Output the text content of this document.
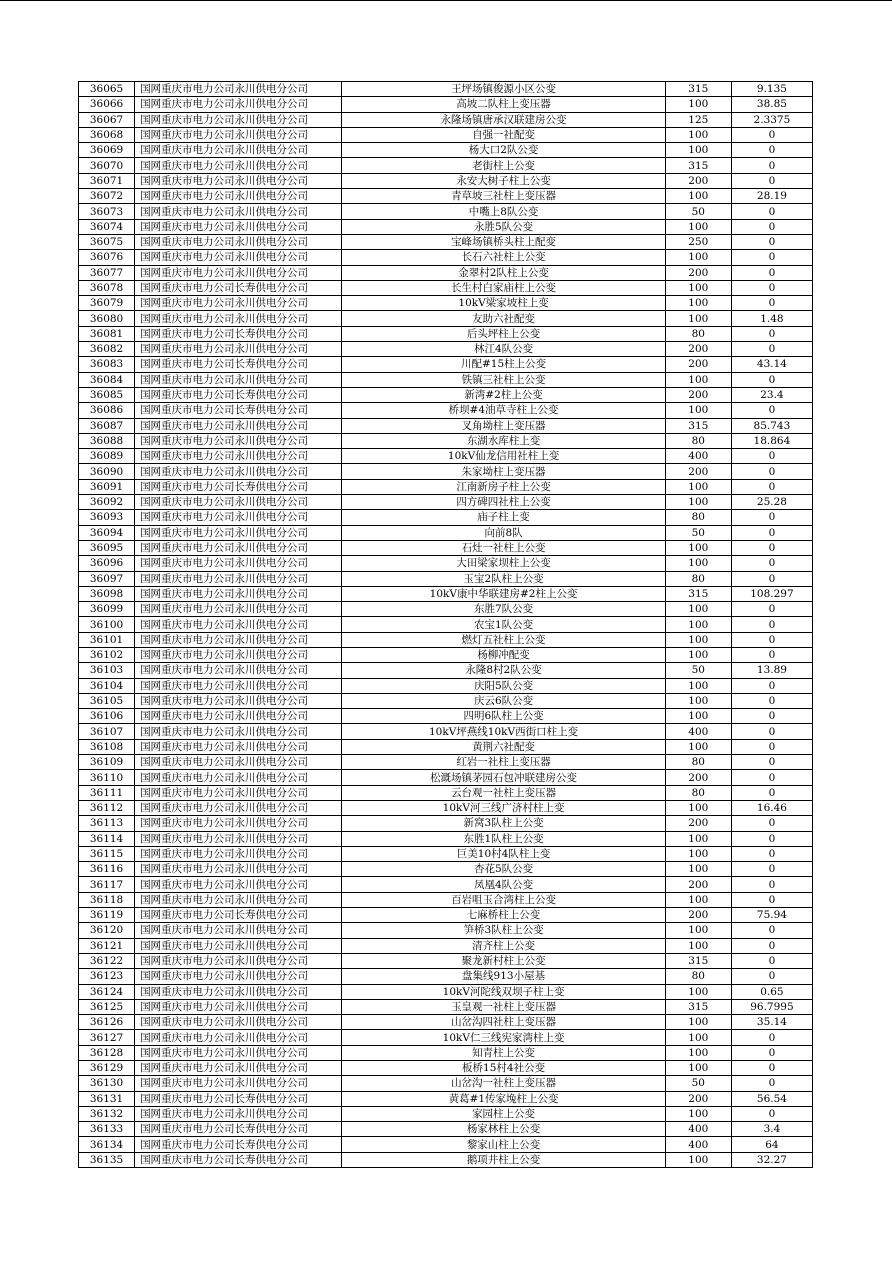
36065	国网重庆市电力公司永川供电分公司	王坪场镇俊源小区公变	315	9.135
36066	国网重庆市电力公司永川供电分公司	高坡二队柱上变压器	100	38.85
36067	国网重庆市电力公司永川供电分公司	永隆场镇唐承汉联建房公变	125	2.3375
36068	国网重庆市电力公司永川供电分公司	自强一社配变	100	0
36069	国网重庆市电力公司永川供电分公司	杨大口2队公变	100	0
36070	国网重庆市电力公司永川供电分公司	老街柱上公变	315	0
36071	国网重庆市电力公司永川供电分公司	永安大树子柱上公变	200	0
36072	国网重庆市电力公司永川供电分公司	青草坡三社柱上变压器	100	28.19
36073	国网重庆市电力公司永川供电分公司	中嘴上8队公变	50	0
36074	国网重庆市电力公司永川供电分公司	永胜5队公变	100	0
36075	国网重庆市电力公司永川供电分公司	宝峰场镇桥头柱上配变	250	0
36076	国网重庆市电力公司永川供电分公司	长石六社柱上公变	100	0
36077	国网重庆市电力公司永川供电分公司	金翠村2队柱上公变	200	0
36078	国网重庆市电力公司长寿供电分公司	长生村白家庙柱上公变	100	0
36079	国网重庆市电力公司永川供电分公司	10kV梁家坡柱上变	100	0
36080	国网重庆市电力公司永川供电分公司	友助六社配变	100	1.48
36081	国网重庆市电力公司长寿供电分公司	后头坪柱上公变	80	0
36082	国网重庆市电力公司永川供电分公司	林江4队公变	200	0
36083	国网重庆市电力公司长寿供电分公司	川配#15柱上公变	200	43.14
36084	国网重庆市电力公司永川供电分公司	铁镇三社柱上公变	100	0
36085	国网重庆市电力公司长寿供电分公司	新湾#2柱上公变	200	23.4
36086	国网重庆市电力公司长寿供电分公司	桥坝#4油草寺柱上公变	100	0
36087	国网重庆市电力公司永川供电分公司	叉角坳柱上变压器	315	85.743
36088	国网重庆市电力公司永川供电分公司	东湖水库柱上变	80	18.864
36089	国网重庆市电力公司永川供电分公司	10kV仙龙信用社柱上变	400	0
36090	国网重庆市电力公司永川供电分公司	朱家坳柱上变压器	200	0
36091	国网重庆市电力公司长寿供电分公司	江南新房子柱上公变	100	0
36092	国网重庆市电力公司永川供电分公司	四方碑四社柱上公变	100	25.28
36093	国网重庆市电力公司永川供电分公司	庙子柱上变	80	0
36094	国网重庆市电力公司永川供电分公司	向前8队	50	0
36095	国网重庆市电力公司永川供电分公司	石灶一社柱上公变	100	0
36096	国网重庆市电力公司永川供电分公司	大田梁家坝柱上公变	100	0
36097	国网重庆市电力公司永川供电分公司	玉宝2队柱上公变	80	0
36098	国网重庆市电力公司永川供电分公司	10kV康中华联建房#2柱上公变	315	108.297
36099	国网重庆市电力公司永川供电分公司	东胜7队公变	100	0
36100	国网重庆市电力公司永川供电分公司	农宝1队公变	100	0
36101	国网重庆市电力公司永川供电分公司	燃灯五社柱上公变	100	0
36102	国网重庆市电力公司永川供电分公司	杨柳冲配变	100	0
36103	国网重庆市电力公司永川供电分公司	永隆8村2队公变	50	13.89
36104	国网重庆市电力公司永川供电分公司	庆阳5队公变	100	0
36105	国网重庆市电力公司永川供电分公司	庆云6队公变	100	0
36106	国网重庆市电力公司永川供电分公司	四明6队柱上公变	100	0
36107	国网重庆市电力公司永川供电分公司	10kV坪燕线10kV西街口柱上变	400	0
36108	国网重庆市电力公司永川供电分公司	黄荆六社配变	100	0
36109	国网重庆市电力公司永川供电分公司	红岩一社柱上变压器	80	0
36110	国网重庆市电力公司永川供电分公司	松溉场镇茅园石包冲联建房公变	200	0
36111	国网重庆市电力公司永川供电分公司	云台观一社柱上变压器	80	0
36112	国网重庆市电力公司永川供电分公司	10kV河三线广济村柱上变	100	16.46
36113	国网重庆市电力公司永川供电分公司	新窝3队柱上公变	200	0
36114	国网重庆市电力公司永川供电分公司	东胜1队柱上公变	100	0
36115	国网重庆市电力公司永川供电分公司	巨美10村4队柱上变	100	0
36116	国网重庆市电力公司永川供电分公司	杏花5队公变	100	0
36117	国网重庆市电力公司永川供电分公司	凤凰4队公变	200	0
36118	国网重庆市电力公司永川供电分公司	百岩咀玉合湾柱上公变	100	0
36119	国网重庆市电力公司长寿供电分公司	七麻桥柱上公变	200	75.94
36120	国网重庆市电力公司永川供电分公司	笋桥3队柱上公变	100	0
36121	国网重庆市电力公司永川供电分公司	清齐柱上公变	100	0
36122	国网重庆市电力公司永川供电分公司	聚龙新村柱上公变	315	0
36123	国网重庆市电力公司永川供电分公司	盘集线913小屋基	80	0
36124	国网重庆市电力公司永川供电分公司	10kV河陀线双坝子柱上变	100	0.65
36125	国网重庆市电力公司永川供电分公司	玉皇观一社柱上变压器	315	96.7995
36126	国网重庆市电力公司永川供电分公司	山岔沟四社柱上变压器	100	35.14
36127	国网重庆市电力公司永川供电分公司	10kV仁三线宪家湾柱上变	100	0
36128	国网重庆市电力公司永川供电分公司	知青柱上公变	100	0
36129	国网重庆市电力公司永川供电分公司	板桥15村4社公变	100	0
36130	国网重庆市电力公司永川供电分公司	山岔沟一社柱上变压器	50	0
36131	国网重庆市电力公司长寿供电分公司	黄葛#1传家堍柱上公变	200	56.54
36132	国网重庆市电力公司永川供电分公司	家园柱上公变	100	0
36133	国网重庆市电力公司长寿供电分公司	杨家林柱上公变	400	3.4
36134	国网重庆市电力公司长寿供电分公司	黎家山柱上公变	400	64
36135	国网重庆市电力公司长寿供电分公司	鹅项井柱上公变	100	32.27
